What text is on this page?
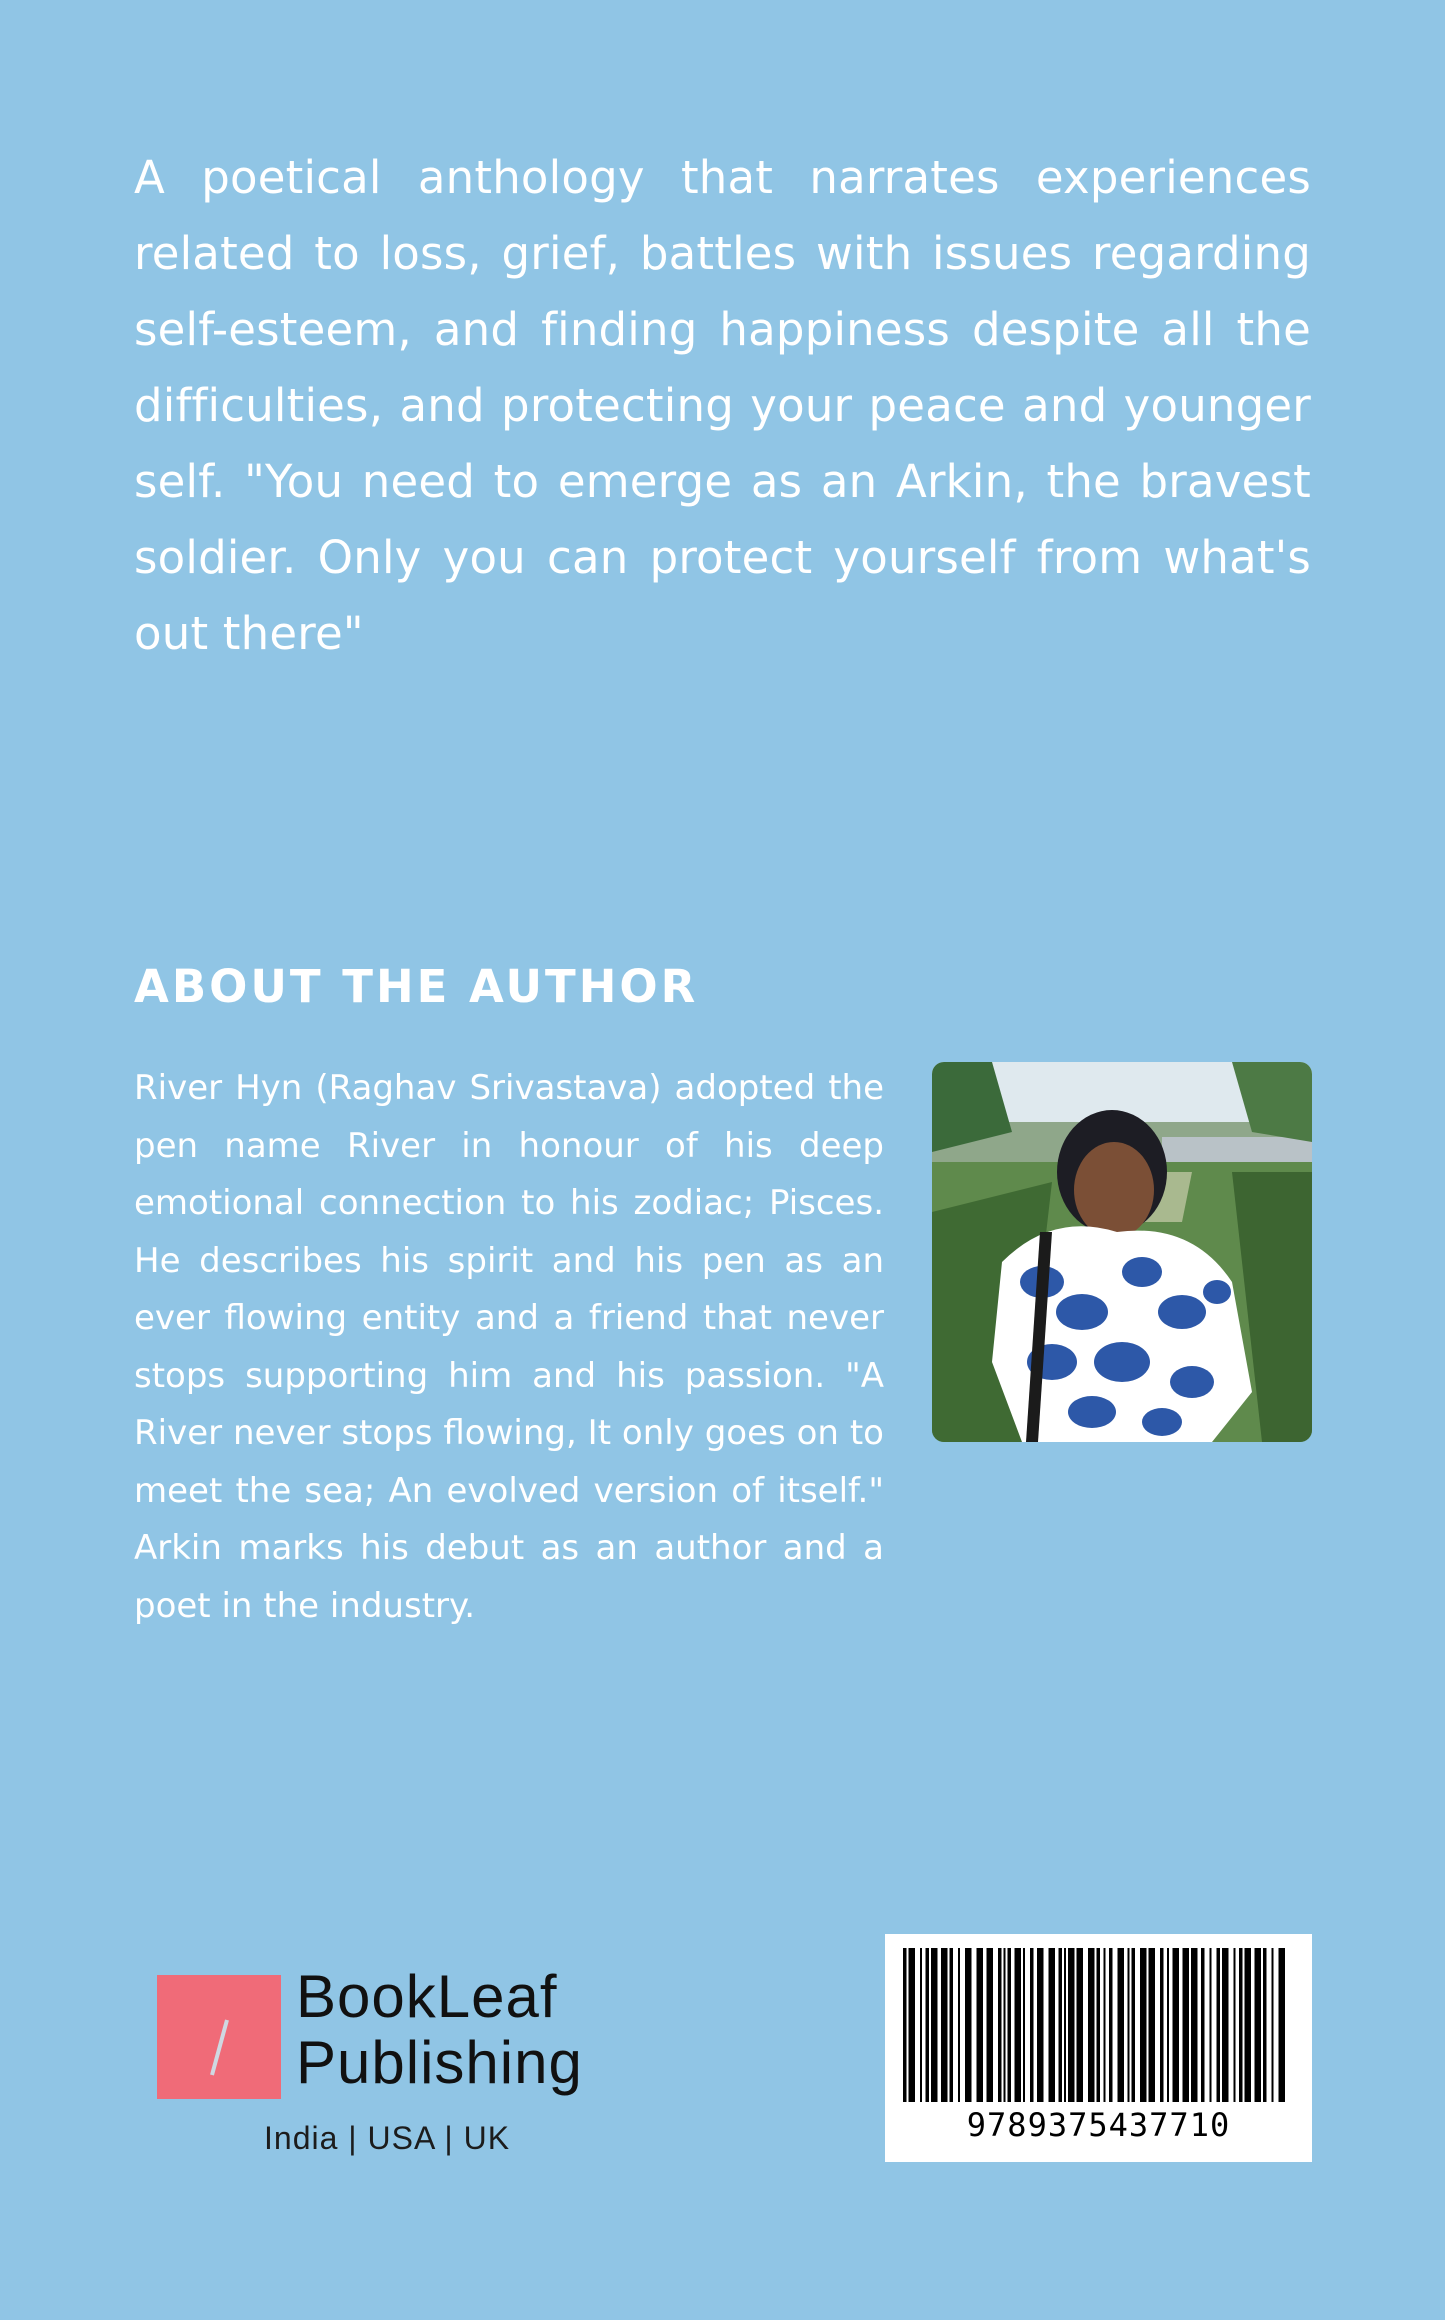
A poetical anthology that narrates experiences related to loss, grief, battles with issues regarding self-esteem, and finding happiness despite all the difficulties, and protecting your peace and younger self. "You need to emerge as an Arkin, the bravest soldier. Only you can protect yourself from what's out there"

ABOUT THE AUTHOR

River Hyn (Raghav Srivastava) adopted the pen name River in honour of his deep emotional connection to his zodiac; Pisces. He describes his spirit and his pen as an ever flowing entity and a friend that never stops supporting him and his passion. "A River never stops flowing, It only goes on to meet the sea; An evolved version of itself." Arkin marks his debut as an author and a poet in the industry.

BookLeaf
Publishing
India | USA | UK	9789375437710
